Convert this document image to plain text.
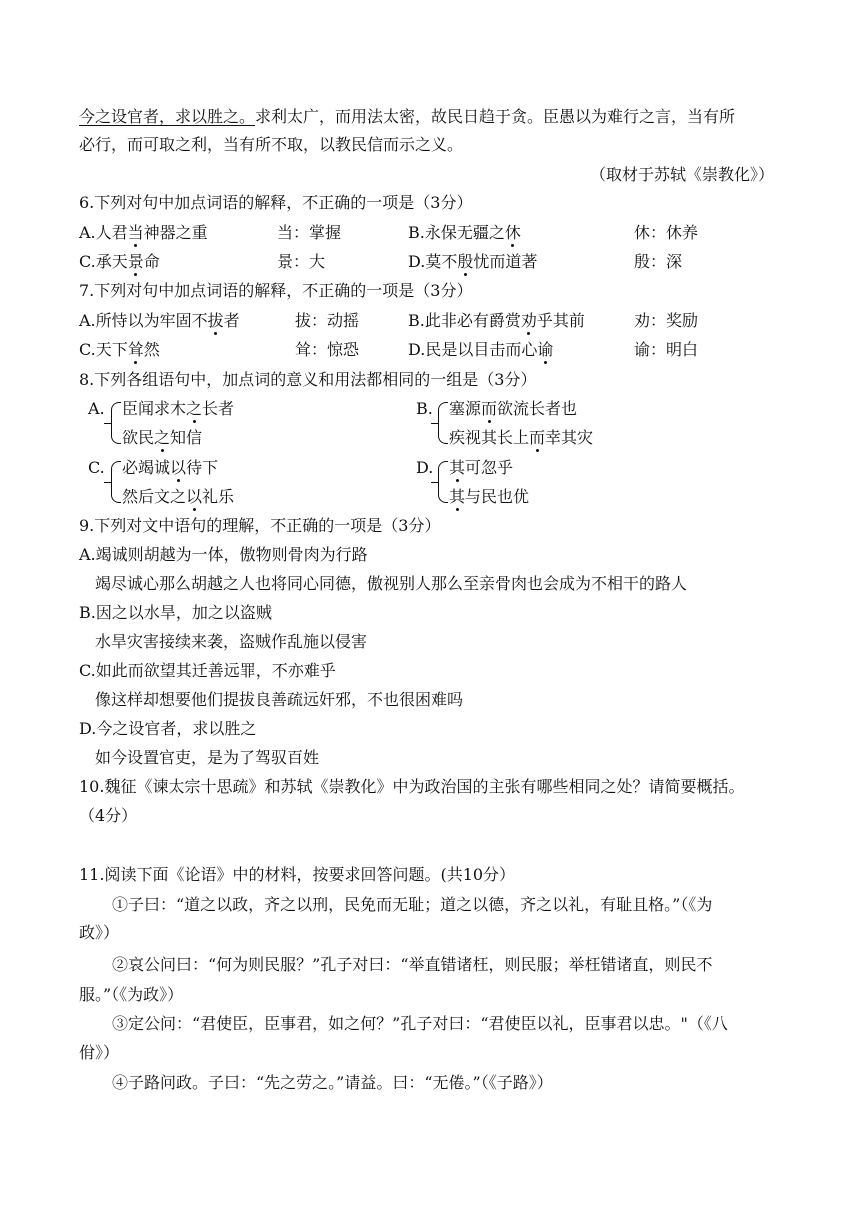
今之设官者，求以胜之。求利太广，而用法太密，故民日趋于贪。臣愚以为难行之言，当有所
必行，而可取之利，当有所不取，以教民信而示之义。
（取材于苏轼《崇教化》）
6.下列对句中加点词语的解释，不正确的一项是（3分）
A.人君当神器之重	当：掌握	B.永保无疆之休	休：休养
C.承天景命	景：大	D.莫不殷忧而道著	殷：深
7.下列对句中加点词语的解释，不正确的一项是（3分）
A.所恃以为牢固不拔者	拔：动摇	B.此非必有爵赏劝乎其前	劝：奖励
C.天下耸然	耸：惊恐	D.民是以目击而心谕	谕：明白
8.下列各组语句中，加点词的意义和用法都相同的一组是（3分）
A. 臣闻求木之长者
欲民之知信
B. 塞源而欲流长者也
疾视其长上而幸其灾
C. 必竭诚以待下
然后文之以礼乐
D. 其可忽乎
其与民也优
9.下列对文中语句的理解，不正确的一项是（3分）
A.竭诚则胡越为一体，傲物则骨肉为行路
竭尽诚心那么胡越之人也将同心同德，傲视别人那么至亲骨肉也会成为不相干的路人
B.因之以水旱，加之以盗贼
水旱灾害接续来袭，盗贼作乱施以侵害
C.如此而欲望其迁善远罪，不亦难乎
像这样却想要他们提拔良善疏远奸邪，不也很困难吗
D.今之设官者，求以胜之
如今设置官吏，是为了驾驭百姓
10.魏征《谏太宗十思疏》和苏轼《崇教化》中为政治国的主张有哪些相同之处？请简要概括。
（4分）
11.阅读下面《论语》中的材料，按要求回答问题。(共10分）
①子曰：“道之以政，齐之以刑，民免而无耻；道之以德，齐之以礼，有耻且格。”（《为
政》）
②哀公问曰：“何为则民服？”孔子对曰：“举直错诸枉，则民服；举枉错诸直，则民不
服。”（《为政》）
③定公问：“君使臣，臣事君，如之何？”孔子对曰：“君使臣以礼，臣事君以忠。"（《八
佾》）
④子路问政。子曰：“先之劳之。”请益。曰：“无倦。”（《子路》）
